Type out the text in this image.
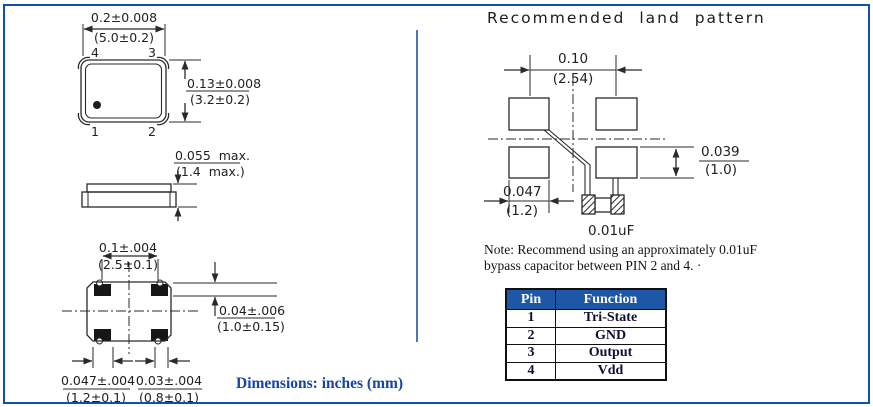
0.2±0.008
(5.0±0.2)
4	3
1	2
0.13±0.008
(3.2±0.2)
0.055  max.
(1.4  max.)
0.1±.004
(2.5±0.1)
0.04±.006
(1.0±0.15)
0.047±.004
(1.2±0.1)
0.03±.004
(0.8±0.1)
Dimensions: inches (mm)
Recommended land pattern
0.10
(2.54)
0.047
(1.2)
0.039
(1.0)
0.01uF
Note: Recommend using an approximately 0.01uF
bypass capacitor between PIN 2 and 4. ·
Pin	Function
1	Tri-State
2	GND
3	Output
4	Vdd
